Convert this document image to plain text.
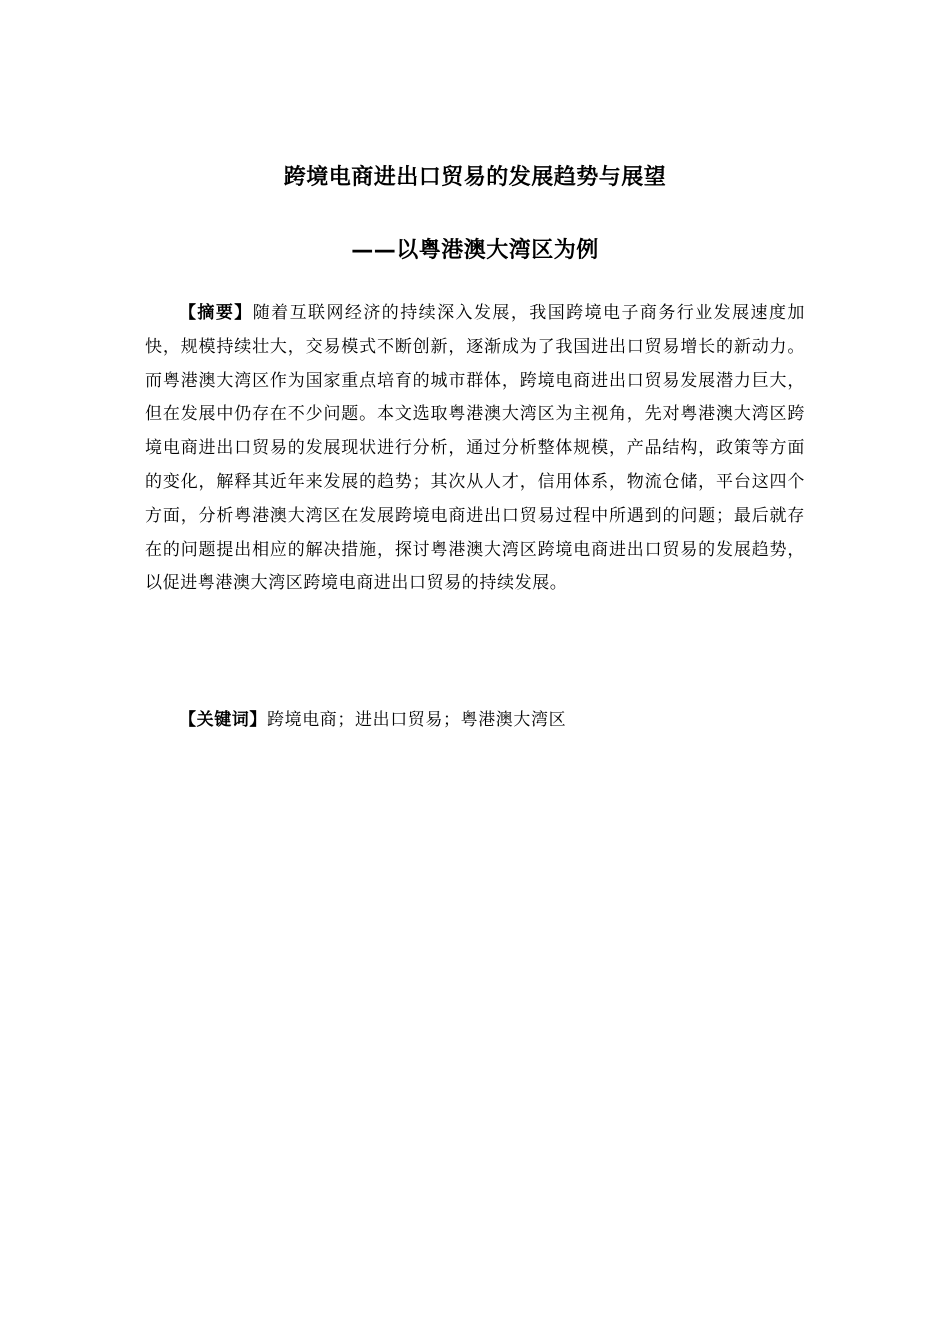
跨境电商进出口贸易的发展趋势与展望
——以粤港澳大湾区为例

【摘要】随着互联网经济的持续深入发展，我国跨境电子商务行业发展速度加快，规模持续壮大，交易模式不断创新，逐渐成为了我国进出口贸易增长的新动力。而粤港澳大湾区作为国家重点培育的城市群体，跨境电商进出口贸易发展潜力巨大，但在发展中仍存在不少问题。本文选取粤港澳大湾区为主视角，先对粤港澳大湾区跨境电商进出口贸易的发展现状进行分析，通过分析整体规模，产品结构，政策等方面的变化，解释其近年来发展的趋势；其次从人才，信用体系，物流仓储，平台这四个方面，分析粤港澳大湾区在发展跨境电商进出口贸易过程中所遇到的问题；最后就存在的问题提出相应的解决措施，探讨粤港澳大湾区跨境电商进出口贸易的发展趋势，以促进粤港澳大湾区跨境电商进出口贸易的持续发展。

【关键词】跨境电商；进出口贸易；粤港澳大湾区
